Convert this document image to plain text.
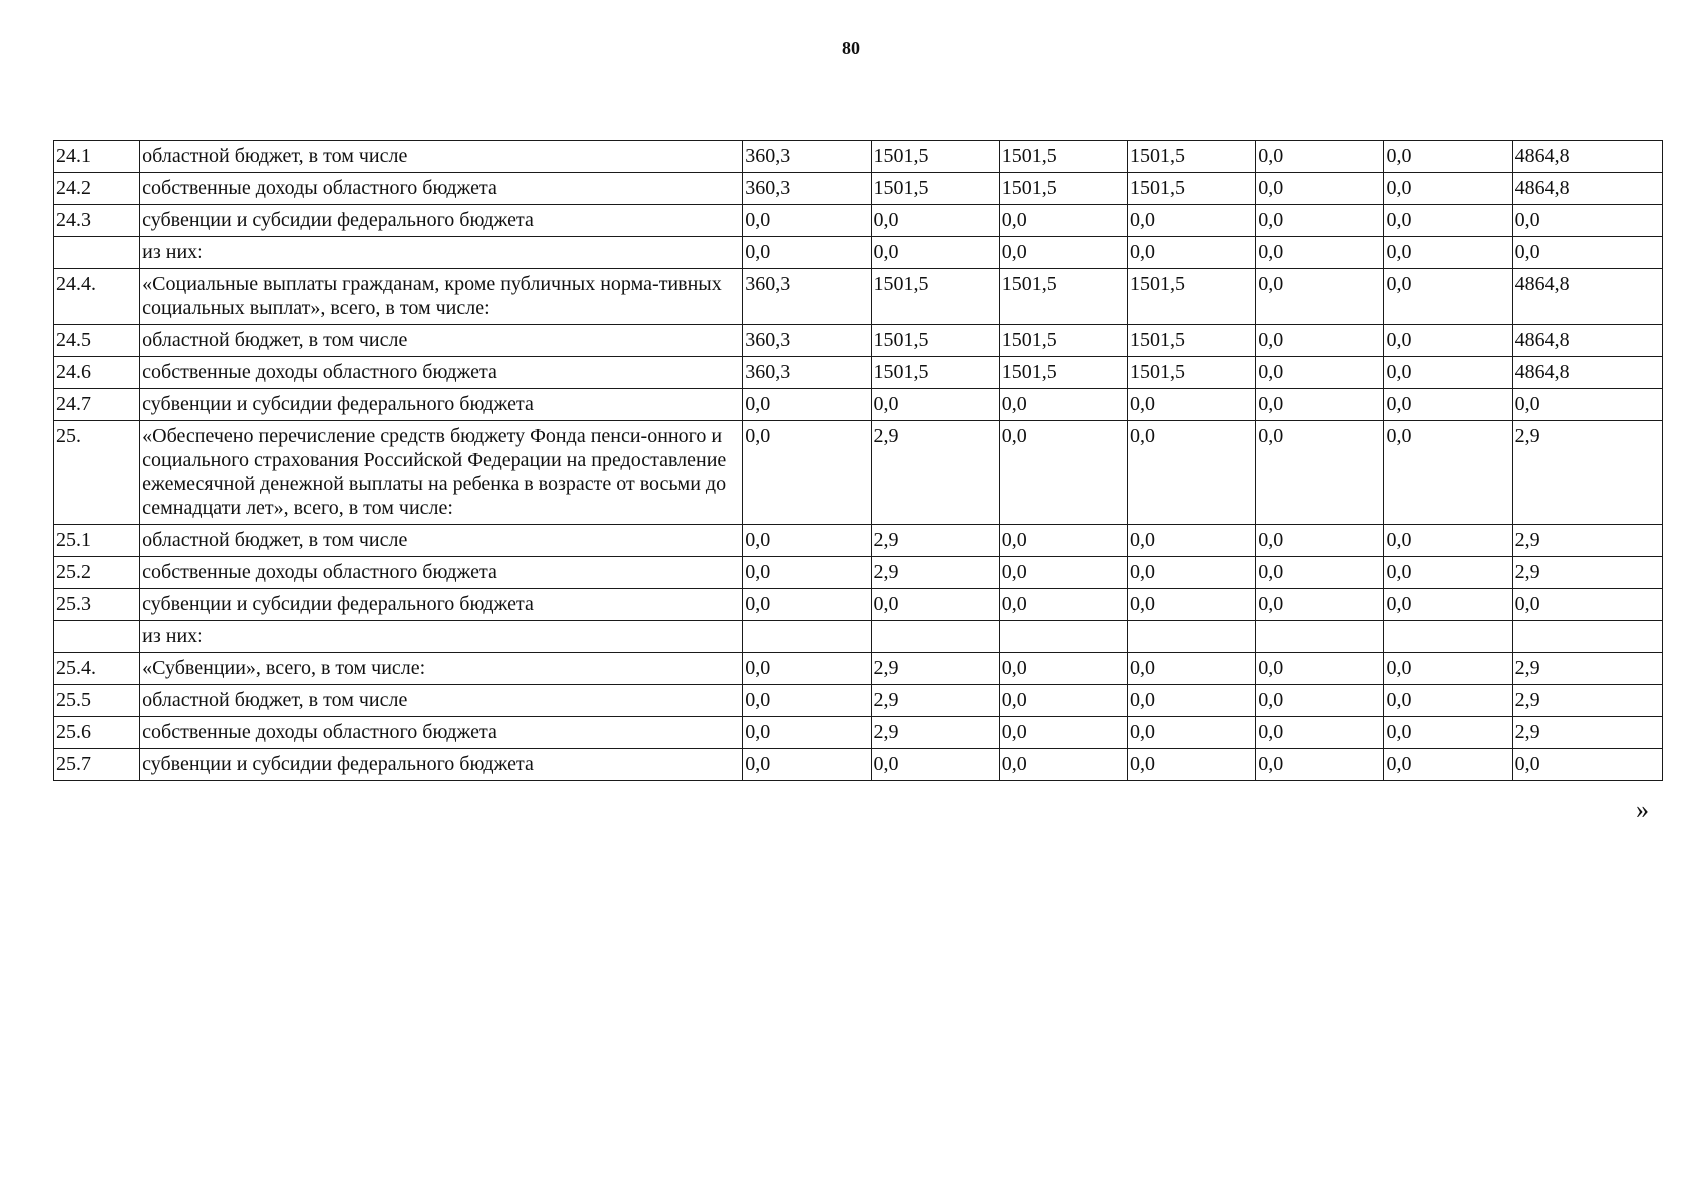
80
24.1	областной бюджет, в том числе	360,3	1501,5	1501,5	1501,5	0,0	0,0	4864,8
24.2	собственные доходы областного бюджета	360,3	1501,5	1501,5	1501,5	0,0	0,0	4864,8
24.3	субвенции и субсидии федерального бюджета	0,0	0,0	0,0	0,0	0,0	0,0	0,0
	из них:	0,0	0,0	0,0	0,0	0,0	0,0	0,0
24.4.	«Социальные выплаты гражданам, кроме публичных норма-тивных социальных выплат», всего, в том числе:	360,3	1501,5	1501,5	1501,5	0,0	0,0	4864,8
24.5	областной бюджет, в том числе	360,3	1501,5	1501,5	1501,5	0,0	0,0	4864,8
24.6	собственные доходы областного бюджета	360,3	1501,5	1501,5	1501,5	0,0	0,0	4864,8
24.7	субвенции и субсидии федерального бюджета	0,0	0,0	0,0	0,0	0,0	0,0	0,0
25.	«Обеспечено перечисление средств бюджету Фонда пенси-онного и социального страхования Российской Федерации на предоставление ежемесячной денежной выплаты на ребенка в возрасте от восьми до семнадцати лет», всего, в том числе:	0,0	2,9	0,0	0,0	0,0	0,0	2,9
25.1	областной бюджет, в том числе	0,0	2,9	0,0	0,0	0,0	0,0	2,9
25.2	собственные доходы областного бюджета	0,0	2,9	0,0	0,0	0,0	0,0	2,9
25.3	субвенции и субсидии федерального бюджета	0,0	0,0	0,0	0,0	0,0	0,0	0,0
	из них:							
25.4.	«Субвенции», всего, в том числе:	0,0	2,9	0,0	0,0	0,0	0,0	2,9
25.5	областной бюджет, в том числе	0,0	2,9	0,0	0,0	0,0	0,0	2,9
25.6	собственные доходы областного бюджета	0,0	2,9	0,0	0,0	0,0	0,0	2,9
25.7	субвенции и субсидии федерального бюджета	0,0	0,0	0,0	0,0	0,0	0,0	0,0
»
